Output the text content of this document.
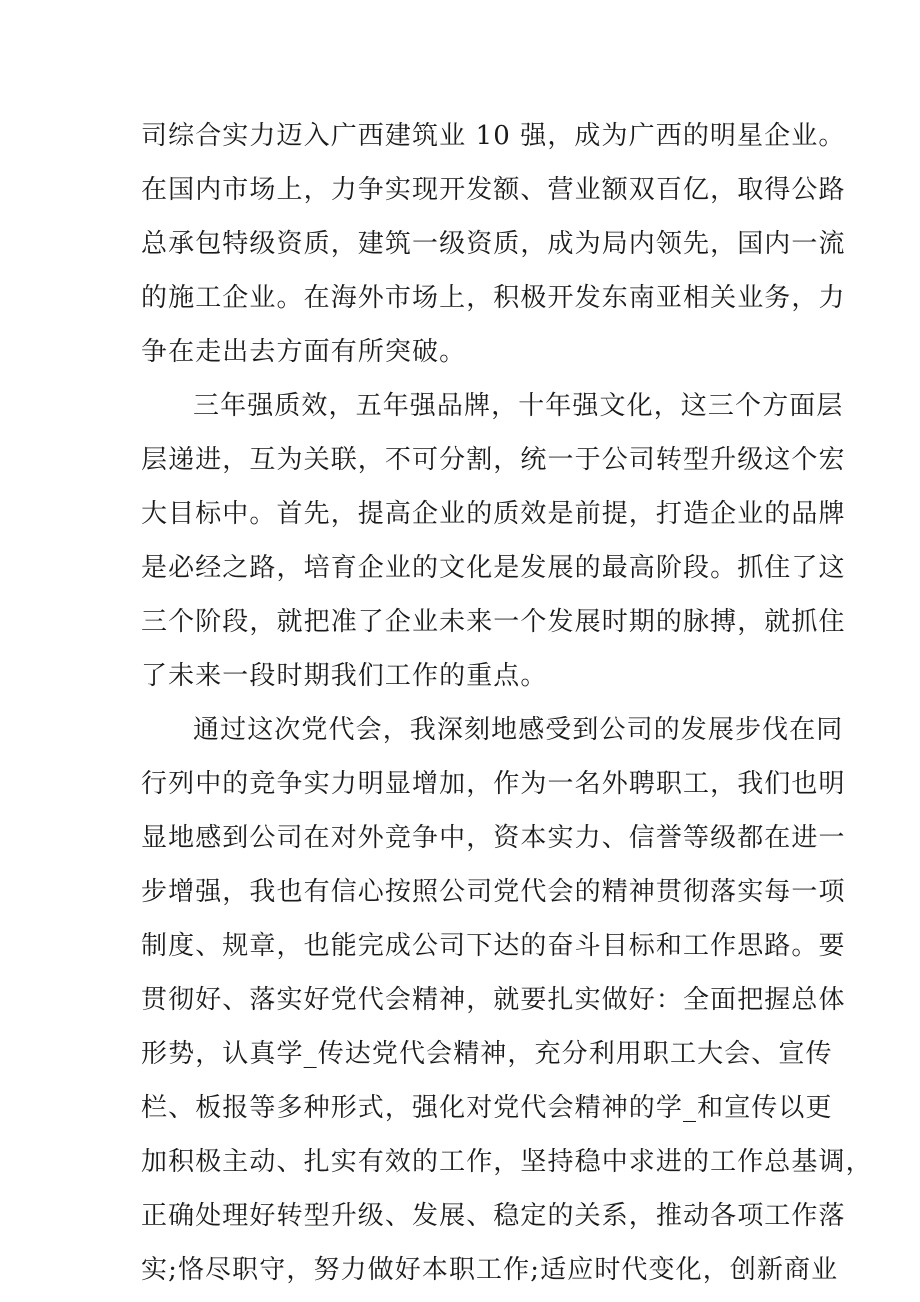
司综合实力迈入广西建筑业 10 强，成为广西的明星企业。
在国内市场上，力争实现开发额、营业额双百亿，取得公路
总承包特级资质，建筑一级资质，成为局内领先，国内一流
的施工企业。在海外市场上，积极开发东南亚相关业务，力
争在走出去方面有所突破。
三年强质效，五年强品牌，十年强文化，这三个方面层
层递进，互为关联，不可分割，统一于公司转型升级这个宏
大目标中。首先，提高企业的质效是前提，打造企业的品牌
是必经之路，培育企业的文化是发展的最高阶段。抓住了这
三个阶段，就把准了企业未来一个发展时期的脉搏，就抓住
了未来一段时期我们工作的重点。
通过这次党代会，我深刻地感受到公司的发展步伐在同
行列中的竞争实力明显增加，作为一名外聘职工，我们也明
显地感到公司在对外竞争中，资本实力、信誉等级都在进一
步增强，我也有信心按照公司党代会的精神贯彻落实每一项
制度、规章，也能完成公司下达的奋斗目标和工作思路。要
贯彻好、落实好党代会精神，就要扎实做好：全面把握总体
形势，认真学_传达党代会精神，充分利用职工大会、宣传
栏、板报等多种形式，强化对党代会精神的学_和宣传以更
加积极主动、扎实有效的工作，坚持稳中求进的工作总基调，
正确处理好转型升级、发展、稳定的关系，推动各项工作落
实;恪尽职守，努力做好本职工作;适应时代变化，创新商业
